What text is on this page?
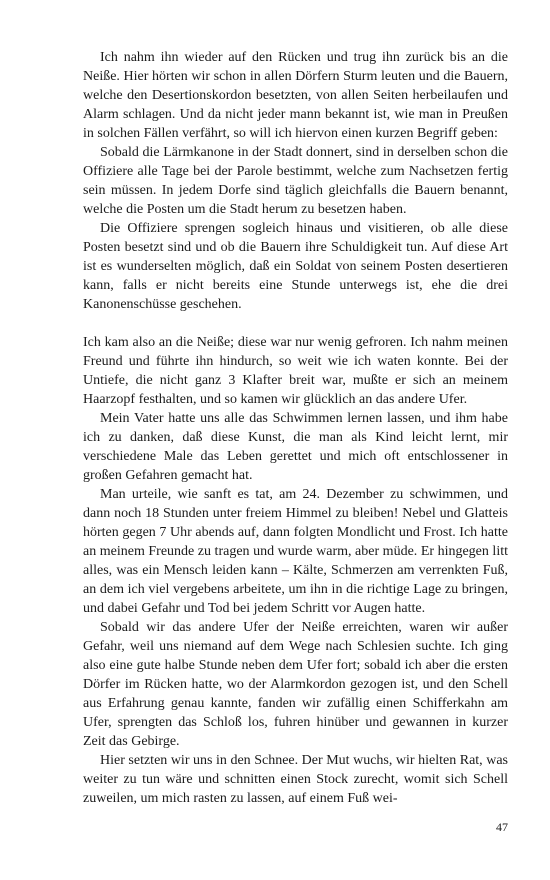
Ich nahm ihn wieder auf den Rücken und trug ihn zurück bis an die Neiße. Hier hörten wir schon in allen Dörfern Sturm leuten und die Bauern, welche den Desertionskordon besetzten, von allen Seiten herbeilaufen und Alarm schlagen. Und da nicht jeder mann bekannt ist, wie man in Preußen in solchen Fällen verfährt, so will ich hiervon einen kurzen Begriff geben:

Sobald die Lärmkanone in der Stadt donnert, sind in derselben schon die Offiziere alle Tage bei der Parole bestimmt, welche zum Nachsetzen fertig sein müssen. In jedem Dorfe sind täglich gleichfalls die Bauern benannt, welche die Posten um die Stadt herum zu besetzen haben.

Die Offiziere sprengen sogleich hinaus und visitieren, ob alle diese Posten besetzt sind und ob die Bauern ihre Schuldigkeit tun. Auf diese Art ist es wunderselten möglich, daß ein Soldat von seinem Posten desertieren kann, falls er nicht bereits eine Stunde unterwegs ist, ehe die drei Kanonenschüsse geschehen.

Ich kam also an die Neiße; diese war nur wenig gefroren. Ich nahm meinen Freund und führte ihn hindurch, so weit wie ich waten konnte. Bei der Untiefe, die nicht ganz 3 Klafter breit war, mußte er sich an meinem Haarzopf festhalten, und so kamen wir glücklich an das andere Ufer.

Mein Vater hatte uns alle das Schwimmen lernen lassen, und ihm habe ich zu danken, daß diese Kunst, die man als Kind leicht lernt, mir verschiedene Male das Leben gerettet und mich oft entschlossener in großen Gefahren gemacht hat.

Man urteile, wie sanft es tat, am 24. Dezember zu schwimmen, und dann noch 18 Stunden unter freiem Himmel zu bleiben! Nebel und Glatteis hörten gegen 7 Uhr abends auf, dann folgten Mondlicht und Frost. Ich hatte an meinem Freunde zu tragen und wurde warm, aber müde. Er hingegen litt alles, was ein Mensch leiden kann – Kälte, Schmerzen am verrenkten Fuß, an dem ich viel vergebens arbeitete, um ihn in die richtige Lage zu bringen, und dabei Gefahr und Tod bei jedem Schritt vor Augen hatte.

Sobald wir das andere Ufer der Neiße erreichten, waren wir außer Gefahr, weil uns niemand auf dem Wege nach Schlesien suchte. Ich ging also eine gute halbe Stunde neben dem Ufer fort; sobald ich aber die ersten Dörfer im Rücken hatte, wo der Alarmkordon gezogen ist, und den Schell aus Erfahrung genau kannte, fanden wir zufällig einen Schifferkahn am Ufer, sprengten das Schloß los, fuhren hinüber und gewannen in kurzer Zeit das Gebirge.

Hier setzten wir uns in den Schnee. Der Mut wuchs, wir hielten Rat, was weiter zu tun wäre und schnitten einen Stock zurecht, womit sich Schell zuweilen, um mich rasten zu lassen, auf einem Fuß wei-

47
